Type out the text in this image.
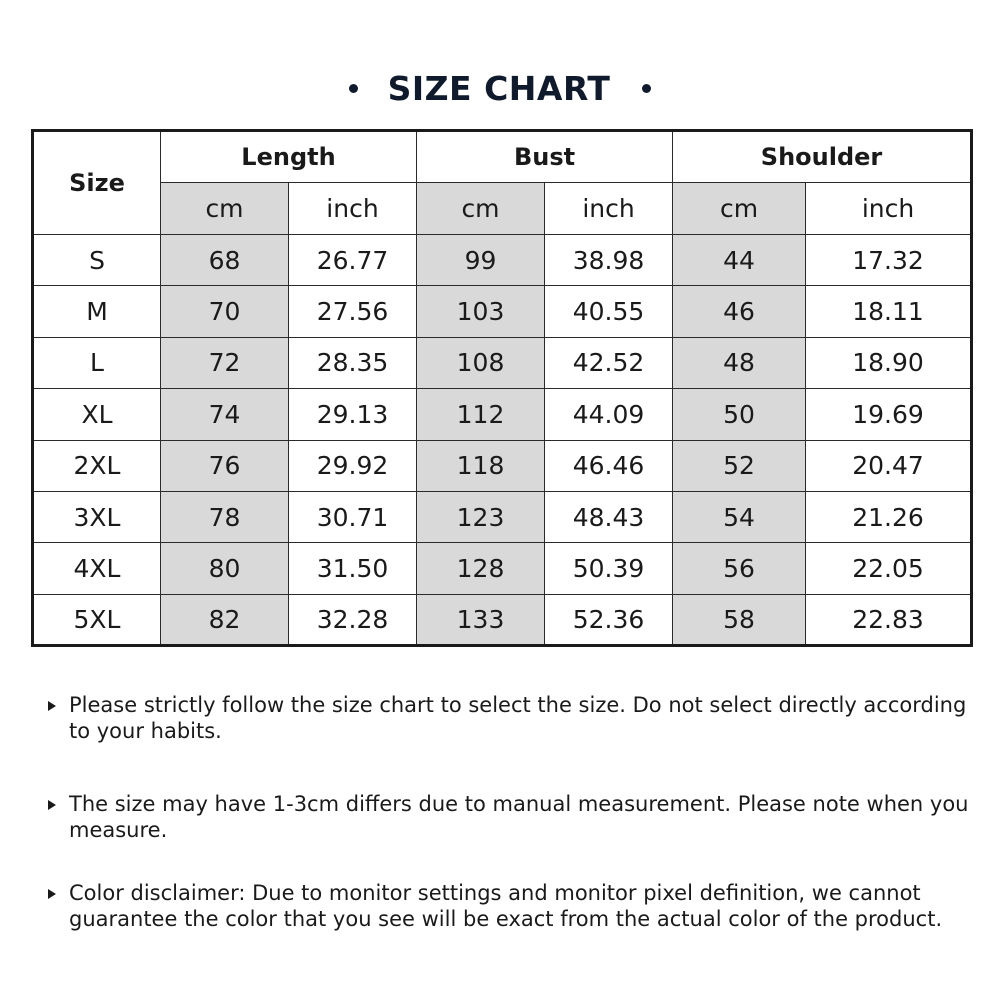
SIZE CHART
Size	Length		Bust		Shoulder	
	cm	inch	cm	inch	cm	inch
S	68	26.77	99	38.98	44	17.32
M	70	27.56	103	40.55	46	18.11
L	72	28.35	108	42.52	48	18.90
XL	74	29.13	112	44.09	50	19.69
2XL	76	29.92	118	46.46	52	20.47
3XL	78	30.71	123	48.43	54	21.26
4XL	80	31.50	128	50.39	56	22.05
5XL	82	32.28	133	52.36	58	22.83
Please strictly follow the size chart to select the size. Do not select directly according to your habits.
The size may have 1-3cm differs due to manual measurement. Please note when you measure.
Color disclaimer: Due to monitor settings and monitor pixel definition, we cannot guarantee the color that you see will be exact from the actual color of the product.
